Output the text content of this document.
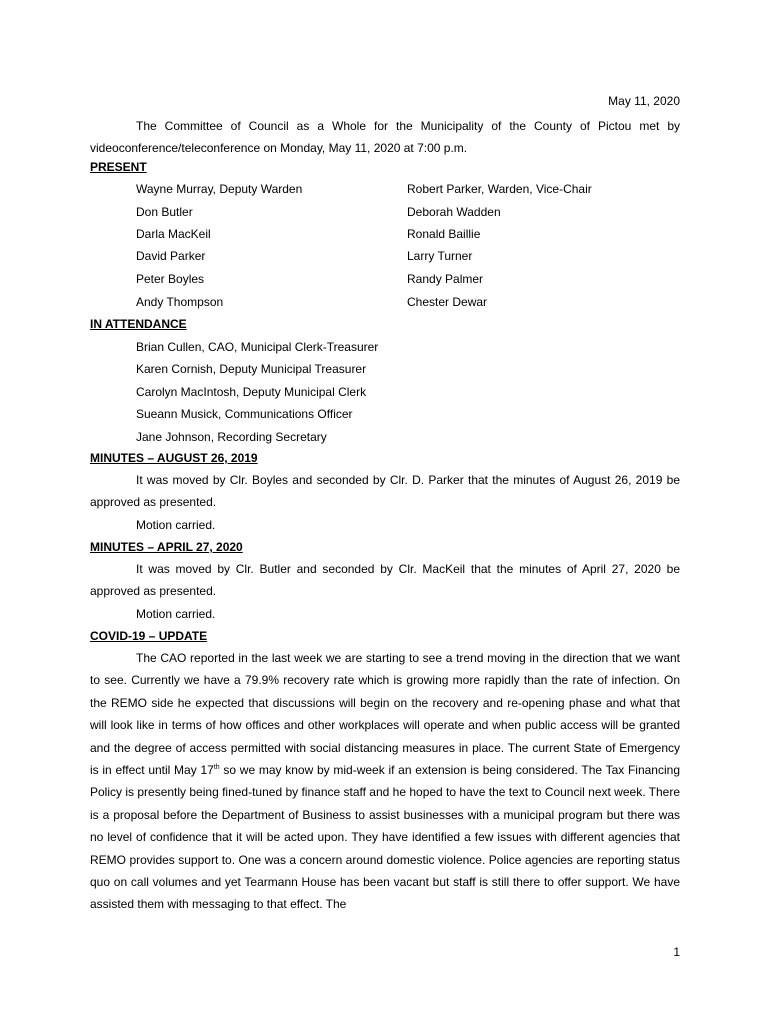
May 11, 2020
The Committee of Council as a Whole for the Municipality of the County of Pictou met by
videoconference/teleconference on Monday, May 11, 2020 at 7:00 p.m.
PRESENT
Wayne Murray, Deputy Warden	Robert Parker, Warden, Vice-Chair
Don Butler	Deborah Wadden
Darla MacKeil	Ronald Baillie
David Parker	Larry Turner
Peter Boyles	Randy Palmer
Andy Thompson	Chester Dewar
IN ATTENDANCE
Brian Cullen, CAO, Municipal Clerk-Treasurer
Karen Cornish, Deputy Municipal Treasurer
Carolyn MacIntosh, Deputy Municipal Clerk
Sueann Musick, Communications Officer
Jane Johnson, Recording Secretary
MINUTES – AUGUST 26, 2019

It was moved by Clr. Boyles and seconded by Clr. D. Parker that the minutes of August 26, 2019 be approved as presented.

Motion carried.
MINUTES – APRIL 27, 2020

It was moved by Clr. Butler and seconded by Clr. MacKeil that the minutes of April 27, 2020 be approved as presented.

Motion carried.
COVID-19 – UPDATE

The CAO reported in the last week we are starting to see a trend moving in the direction that we want to see. Currently we have a 79.9% recovery rate which is growing more rapidly than the rate of infection. On the REMO side he expected that discussions will begin on the recovery and re-opening phase and what that will look like in terms of how offices and other workplaces will operate and when public access will be granted and the degree of access permitted with social distancing measures in place. The current State of Emergency is in effect until May 17th so we may know by mid-week if an extension is being considered. The Tax Financing Policy is presently being fined-tuned by finance staff and he hoped to have the text to Council next week. There is a proposal before the Department of Business to assist businesses with a municipal program but there was no level of confidence that it will be acted upon. They have identified a few issues with different agencies that REMO provides support to. One was a concern around domestic violence. Police agencies are reporting status quo on call volumes and yet Tearmann House has been vacant but staff is still there to offer support. We have assisted them with messaging to that effect. The

1
